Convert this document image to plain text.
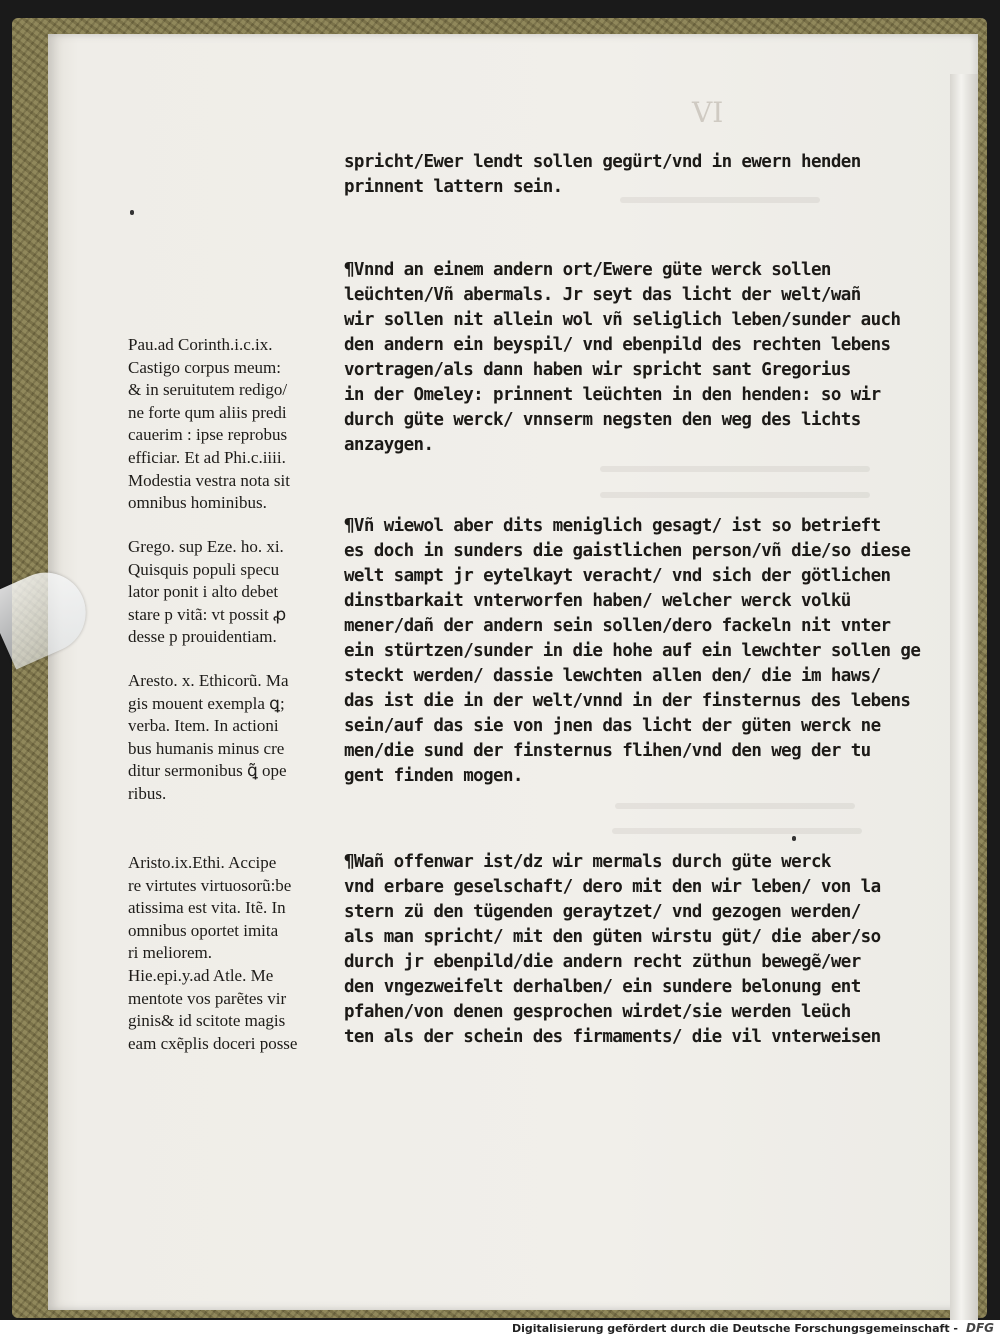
VI
spricht/Ewer lendt sollen gegürt/vnd in ewern henden
prinnent lattern sein.
¶Vnnd an einem andern ort/Ewere güte werck sollen
leüchten/Vñ abermals. Jr seyt das licht der welt/wañ
wir sollen nit allein wol vñ seliglich leben/sunder auch
den andern ein beyspil/ vnd ebenpild des rechten lebens
vortragen/als dann haben wir spricht sant Gregorius
in der Omeley: prinnent leüchten in den henden: so wir
durch güte werck/ vnnserm negsten den weg des lichts
anzaygen.
¶Vñ wiewol aber dits meniglich gesagt/ ist so betrieft
es doch in sunders die gaistlichen person/vñ die/so diese
welt sampt jr eytelkayt veracht/ vnd sich der götlichen
dinstbarkait vnterworfen haben/ welcher werck volkü
mener/dañ der andern sein sollen/dero fackeln nit vnter
ein stürtzen/sunder in die hohe auf ein lewchter sollen ge
steckt werden/ dassie lewchten allen den/ die im haws/
das ist die in der welt/vnnd in der finsternus des lebens
sein/auf das sie von jnen das licht der güten werck ne
men/die sund der finsternus flihen/vnd den weg der tu
gent finden mogen.
¶Wañ offenwar ist/dz wir mermals durch güte werck
vnd erbare geselschaft/ dero mit den wir leben/ von la
stern zü den tügenden geraytzet/ vnd gezogen werden/
als man spricht/ mit den güten wirstu güt/ die aber/so
durch jr ebenpild/die andern recht züthun bewegẽ/wer
den vngezweifelt derhalben/ ein sundere belonung ent
pfahen/von denen gesprochen wirdet/sie werden leüch
ten als der schein des firmaments/ die vil vnterweisen
Pau.ad Corinth.i.c.ix.
Castigo corpus meum:
& in seruitutem redigo/
ne forte qum aliis predi
cauerim : ipse reprobus
efficiar. Et ad Phi.c.iiii.
Modestia vestra nota sit
omnibus hominibus.
Grego. sup Eze. ho. xi.
Quisquis populi specu
lator ponit i alto debet
stare p vitã: vt possit ꝓ
desse p prouidentiam.
Aresto. x. Ethicorũ. Ma
gis mouent exempla ꝗ;
verba. Item. In actioni
bus humanis minus cre
ditur sermonibus ꝗ̃ ope
ribus.
Aristo.ix.Ethi. Accipe
re virtutes virtuosorũ:be
atissima est vita. Itẽ. In
omnibus oportet imita
ri meliorem.
Hie.epi.y.ad Atle. Me
mentote vos parẽtes vir
ginis& id scitote magis
eam cxẽplis doceri posse
Digitalisierung gefördert durch die Deutsche Forschungsgemeinschaft - DFG
